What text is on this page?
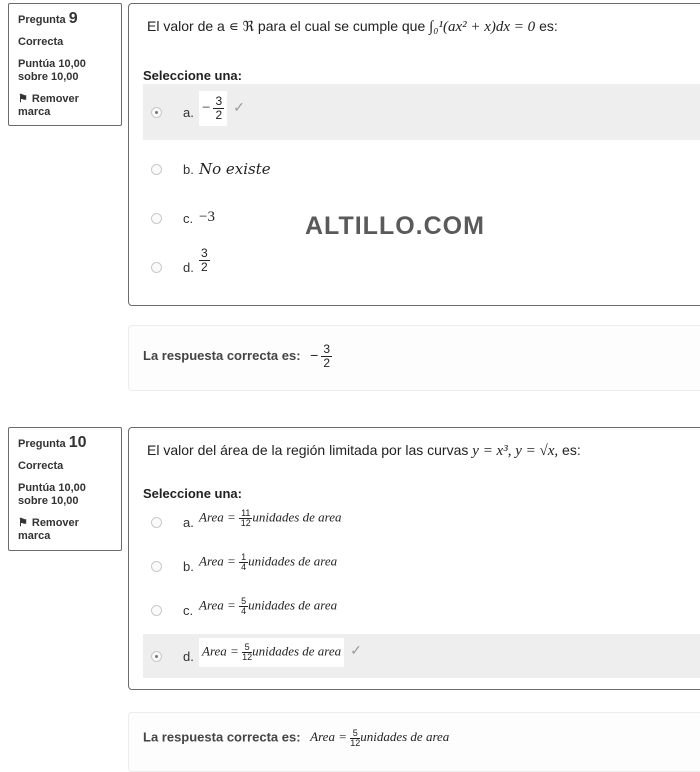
Pregunta 9
Correcta
Puntúa 10,00
sobre 10,00
⚑ Remover
marca
El valor de a ∊ ℜ para el cual se cumple que ∫₀¹(ax² + x)dx = 0 es:
Seleccione una:
a. − $\frac{3}{2}$ ✓
b. No existe
c. −3
d. $\frac{3}{2}$
ALTILLO.COM
La respuesta correcta es: − $\frac{3}{2}$
Pregunta 10
Correcta
Puntúa 10,00
sobre 10,00
⚑ Remover
marca
El valor del área de la región limitada por las curvas y = x³, y = √x, es:
Seleccione una:
a. Area = $\frac{11}{12}$ unidades de area
b. Area = $\frac{1}{4}$ unidades de area
c. Area = $\frac{5}{4}$ unidades de area
d. Area = $\frac{5}{12}$ unidades de area ✓
La respuesta correcta es: Area = $\frac{5}{12}$ unidades de area
